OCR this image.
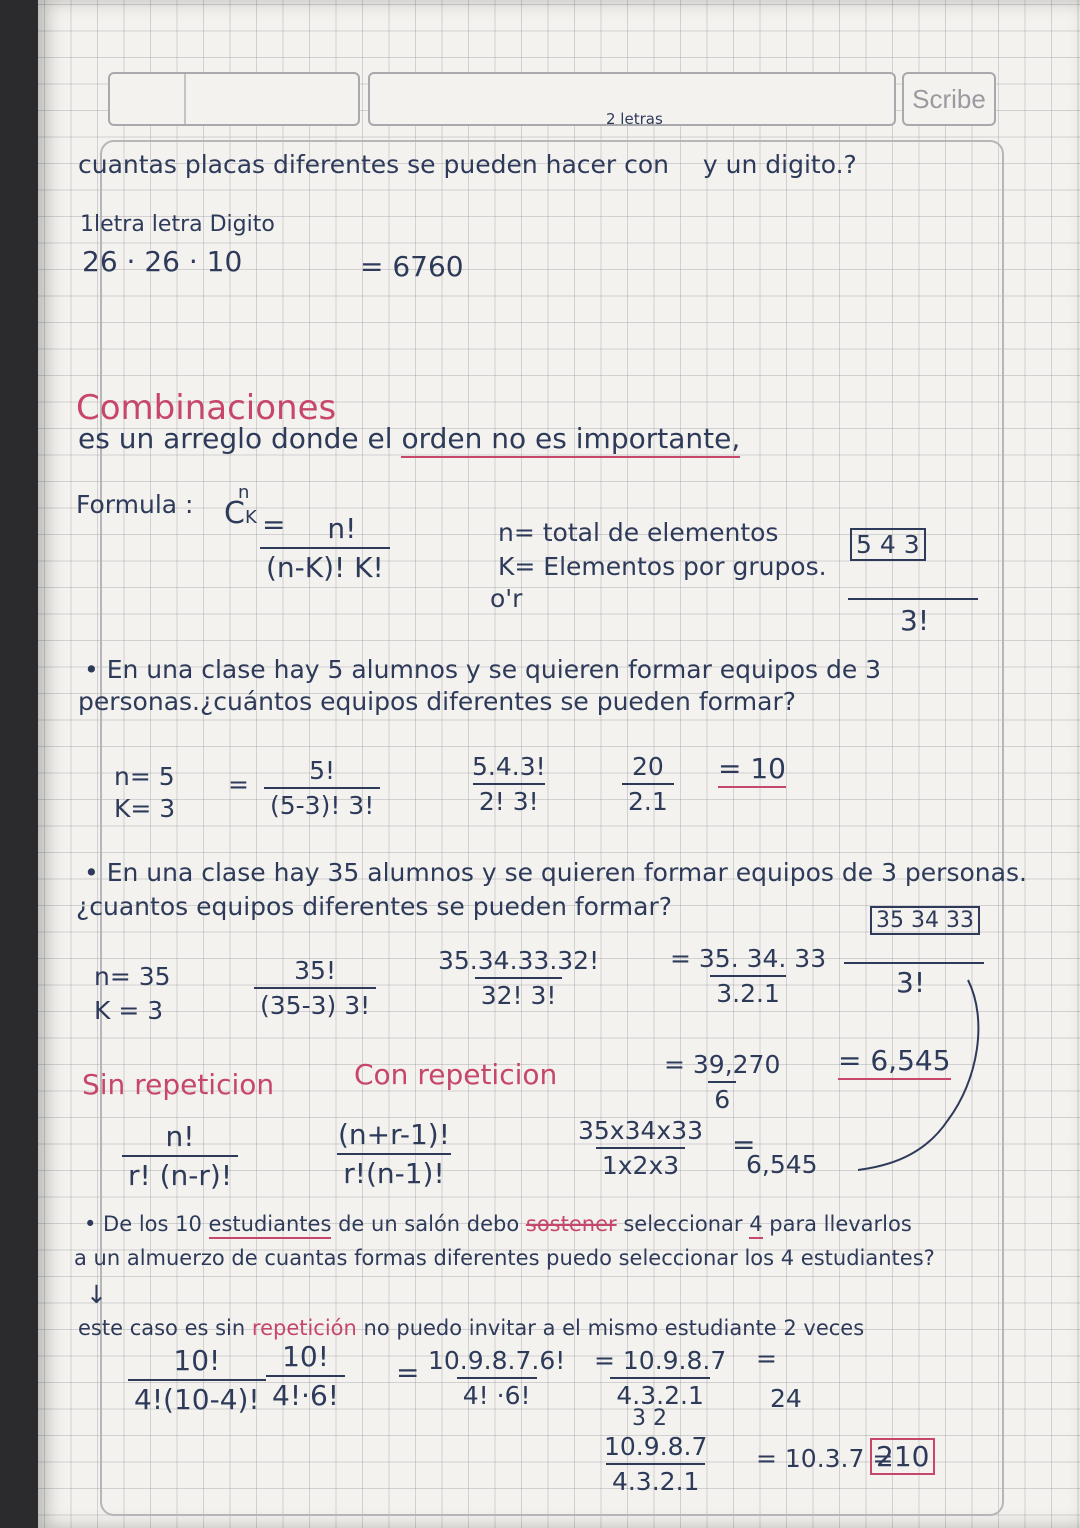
Scribe
2 letras
cuantas placas diferentes se pueden hacer con y un digito.?
1letra letra Digito
26 · 26 · 10	= 6760
Combinaciones
es un arreglo donde el orden no es importante,
Formula : n
CK =
$\frac{n!}{(n-K)! K!}$	n= total de elementos
K= Elementos por grupos.
o'r
5 4 3
3!
• En una clase hay 5 alumnos y se quieren formar equipos de 3
personas.¿cuántos equipos diferentes se pueden formar?
n= 5
K= 3
= $\frac{5!}{(5-3)! 3!}$	$\frac{5.4.3!}{2! 3!}$	$\frac{20}{2.1} = 10$
• En una clase hay 35 alumnos y se quieren formar equipos de 3 personas.
¿cuantos equipos diferentes se pueden formar?	35 34 33
n= 35
K = 3	$\frac{35!}{(35-3) 3!} \frac{35.34.33.32!}{32! 3!} \frac{= 35. 34. 33}{3.2.1} 3$!
$\frac{= 39,270}{6} = 6,545$
Sin repeticion	Con repeticion
$\frac{n!}{r! (n-r)!}$	$\frac{(n+r-1)!}{r!(n-1)!}$	$\frac{35x34x33}{1x2x3}$ =
6,545
• De los 10 estudiantes de un salón debo sostener seleccionar 4 para llevarlos
a un almuerzo de cuantas formas diferentes puedo seleccionar los 4 estudiantes?
↓
este caso es sin repetición no puedo invitar a el mismo estudiante 2 veces
$\frac{10!}{4!(10-4)!} \frac{10!}{4!\cdot 6!} = \frac{10.9.8.7.6!}{4! \cdot 6!} \frac{= 10.9.8.7}{4.3.2.1}$ =
24
3 2
$\frac{10.9.8.7}{4.3.2.1} = 10.3.7$ =
210
